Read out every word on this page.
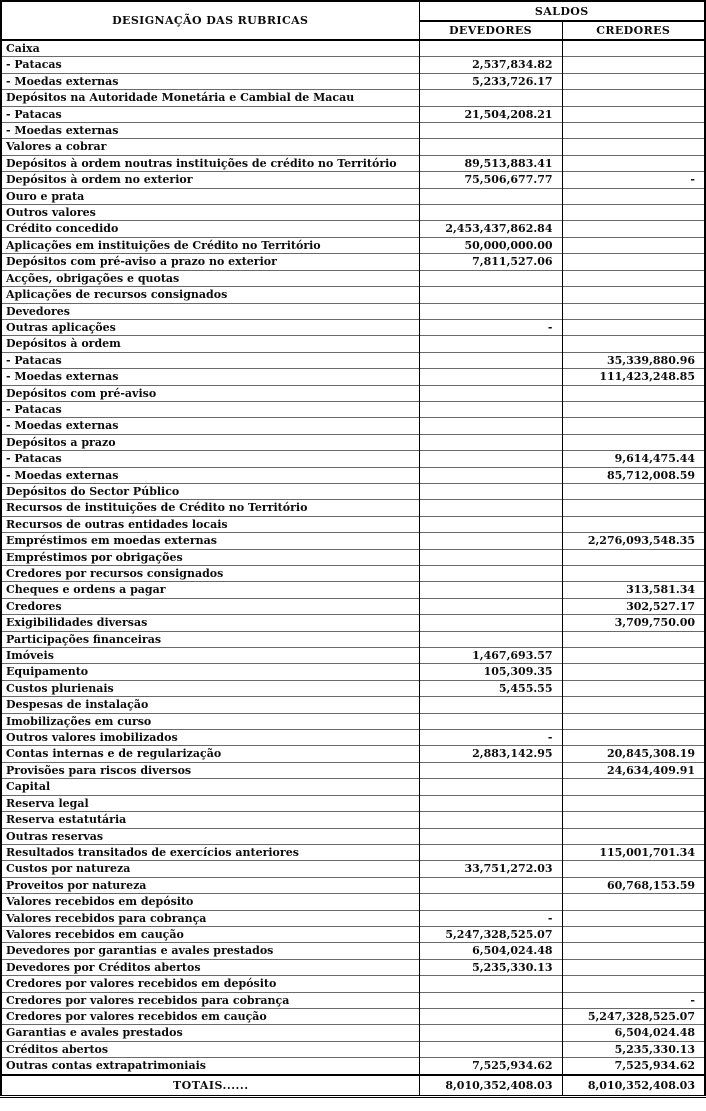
DESIGNAÇÃO DAS RUBRICAS	SALDOS	
	DEVEDORES	CREDORES
Caixa		
- Patacas	2,537,834.82	
- Moedas externas	5,233,726.17	
Depósitos na Autoridade Monetária e Cambial de Macau		
- Patacas	21,504,208.21	
- Moedas externas		
Valores a cobrar		
Depósitos à ordem noutras instituições de crédito no Território	89,513,883.41	
Depósitos à ordem no exterior	75,506,677.77	-
Ouro e prata		
Outros valores		
Crédito concedido	2,453,437,862.84	
Aplicações em instituições de Crédito no Território	50,000,000.00	
Depósitos com pré-aviso a prazo no exterior	7,811,527.06	
Acções, obrigações e quotas		
Aplicações de recursos consignados		
Devedores		
Outras aplicações	-	
Depósitos à ordem		
- Patacas		35,339,880.96
- Moedas externas		111,423,248.85
Depósitos com pré-aviso		
- Patacas		
- Moedas externas		
Depósitos a prazo		
- Patacas		9,614,475.44
- Moedas externas		85,712,008.59
Depósitos do Sector Público		
Recursos de instituições de Crédito no Território		
Recursos de outras entidades locais		
Empréstimos em moedas externas		2,276,093,548.35
Empréstimos por obrigações		
Credores por recursos consignados		
Cheques e ordens a pagar		313,581.34
Credores		302,527.17
Exigibilidades diversas		3,709,750.00
Participações financeiras		
Imóveis	1,467,693.57	
Equipamento	105,309.35	
Custos plurienais	5,455.55	
Despesas de instalação		
Imobilizações em curso		
Outros valores imobilizados	-	
Contas internas e de regularização	2,883,142.95	20,845,308.19
Provisões para riscos diversos		24,634,409.91
Capital		
Reserva legal		
Reserva estatutária		
Outras reservas		
Resultados transitados de exercícios anteriores		115,001,701.34
Custos por natureza	33,751,272.03	
Proveitos por natureza		60,768,153.59
Valores recebidos em depósito		
Valores recebidos para cobrança	-	
Valores recebidos em caução	5,247,328,525.07	
Devedores por garantias e avales prestados	6,504,024.48	
Devedores por Créditos abertos	5,235,330.13	
Credores por valores recebidos em depósito		
Credores por valores recebidos para cobrança		-
Credores por valores recebidos em caução		5,247,328,525.07
Garantias e avales prestados		6,504,024.48
Créditos abertos		5,235,330.13
Outras contas extrapatrimoniais	7,525,934.62	7,525,934.62
TOTAIS......	8,010,352,408.03	8,010,352,408.03
